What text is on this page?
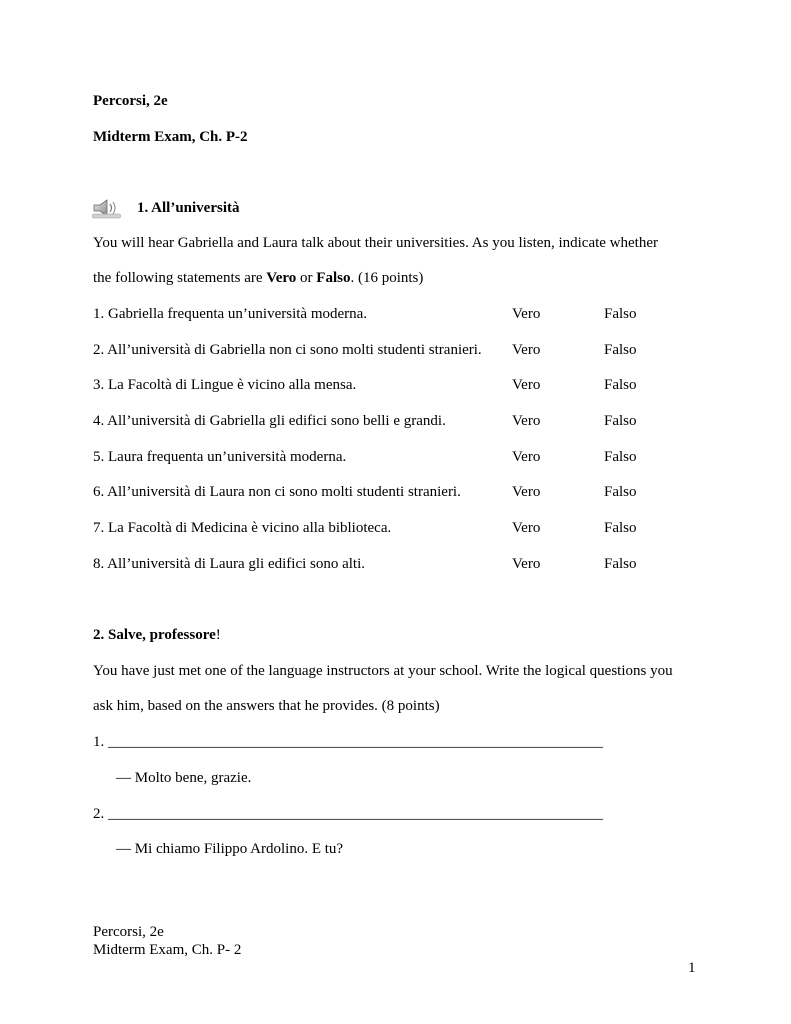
Percorsi, 2e
Midterm Exam, Ch. P-2
1. All’università
You will hear Gabriella and Laura talk about their universities. As you listen, indicate whether
the following statements are Vero or Falso. (16 points)
1. Gabriella frequenta un’università moderna.	Vero	Falso
2. All’università di Gabriella non ci sono molti studenti stranieri. Vero	Falso
3. La Facoltà di Lingue è vicino alla mensa.	Vero	Falso
4. All’università di Gabriella gli edifici sono belli e grandi.	Vero	Falso
5. Laura frequenta un’università moderna.	Vero	Falso
6. All’università di Laura non ci sono molti studenti stranieri.	Vero	Falso
7. La Facoltà di Medicina è vicino alla biblioteca.	Vero	Falso
8. All’università di Laura gli edifici sono alti.	Vero	Falso
2. Salve, professore!
You have just met one of the language instructors at your school. Write the logical questions you
ask him, based on the answers that he provides. (8 points)
1. __________________________________________________________________
— Molto bene, grazie.
2. __________________________________________________________________
— Mi chiamo Filippo Ardolino. E tu?
Percorsi, 2e
Midterm Exam, Ch. P- 2
1
